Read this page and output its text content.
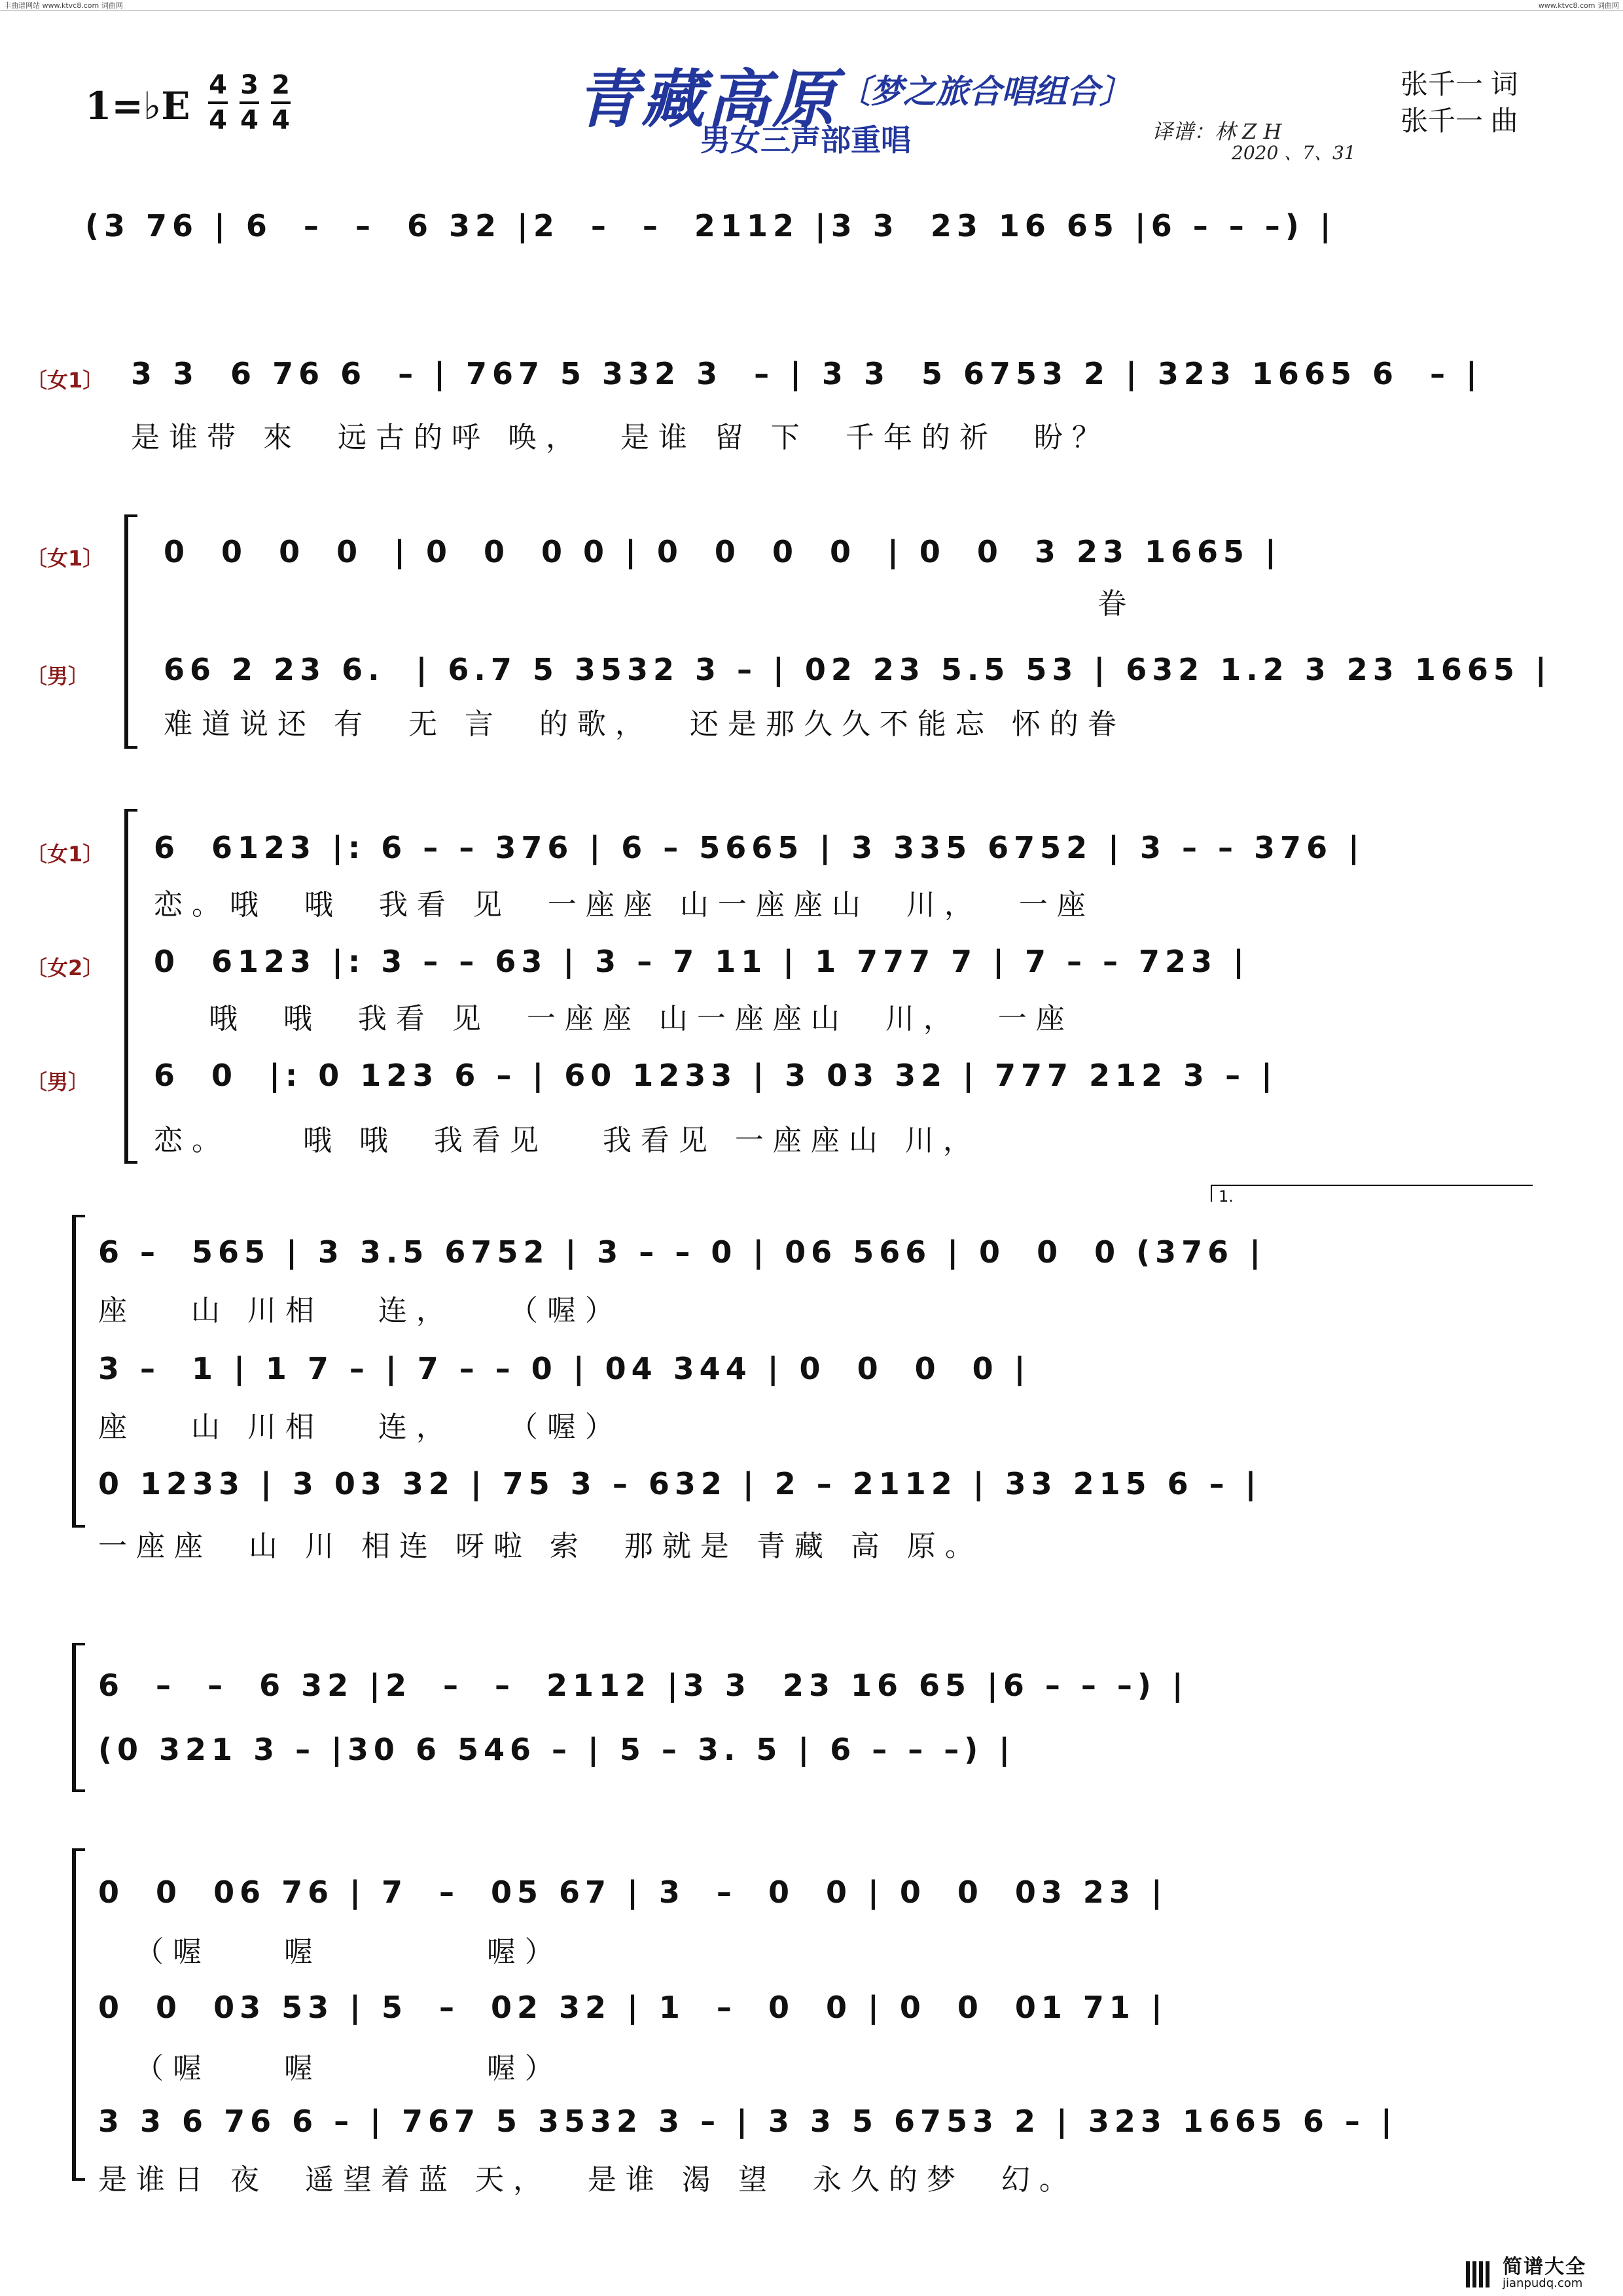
丰曲谱网站 www.ktvc8.com 词曲网	www.ktvc8.com 词曲网
1=♭E $\frac{4}{4} \frac{3}{4} \frac{2}{4}$	青藏高原 〔梦之旅合唱组合〕
男女三声部重唱	译谱：林 Z H
2020 、7、31
张千一 词
张千一 曲
(3 76 | 6  –  –  6 32 |2  –  –  2112 |3 3  23 16 65 |6 – – –) |
〔女1〕 3 3  6 76 6  – | 767 5 332 3  – | 3 3  5 6753 2 | 323 1665 6  – |
是谁带 來  远古的呼 唤，  是谁 留 下  千年的祈  盼？
〔女1〕
〔男〕
0  0  0  0  | 0  0  0 0 | 0  0  0  0  | 0  0  3 23 1665 |
眷
66 2 23 6.  | 6.7 5 3532 3 – | 02 23 5.5 53 | 632 1.2 3 23 1665 |
难道说还 有  无 言  的歌，  还是那久久不能忘 怀的眷
〔女1〕
〔女2〕
〔男〕
6  6123 |: 6 – – 376 | 6 – 5665 | 3 335 6752 | 3 – – 376 |
恋。哦  哦  我看 见  一座座 山一座座山  川，  一座
0  6123 |: 3 – – 63 | 3 – 7 11 | 1 777 7 | 7 – – 723 |
哦  哦  我看 见  一座座 山一座座山  川，  一座
6  0  |: 0 123 6 – | 60 1233 | 3 03 32 | 777 212 3 – |
恋。    哦 哦  我看见   我看见 一座座山 川，
1.
6 –  565 | 3 3.5 6752 | 3 – – 0 | 06 566 | 0  0  0 (376 |
座   山 川相   连，   （喔）
3 –  1 | 1 7 – | 7 – – 0 | 04 344 | 0  0  0  0 |
座   山 川相   连，   （喔）
0 1233 | 3 03 32 | 75 3 – 632 | 2 – 2112 | 33 215 6 – |
一座座  山 川 相连 呀啦 索  那就是 青藏 高 原。
6  –  –  6 32 |2  –  –  2112 |3 3  23 16 65 |6 – – –) |
(0 321 3 – |30 6 546 – | 5 – 3. 5 | 6 – – –) |
0  0  06 76 | 7  –  05 67 | 3  –  0  0 | 0  0  03 23 |
（喔    喔         喔）
0  0  03 53 | 5  –  02 32 | 1  –  0  0 | 0  0  01 71 |
（喔    喔         喔）
3 3 6 76 6 – | 767 5 3532 3 – | 3 3 5 6753 2 | 323 1665 6 – |
是谁日 夜  遥望着蓝 天，  是谁 渴 望  永久的梦  幻。
简谱大全
jianpudq.com
